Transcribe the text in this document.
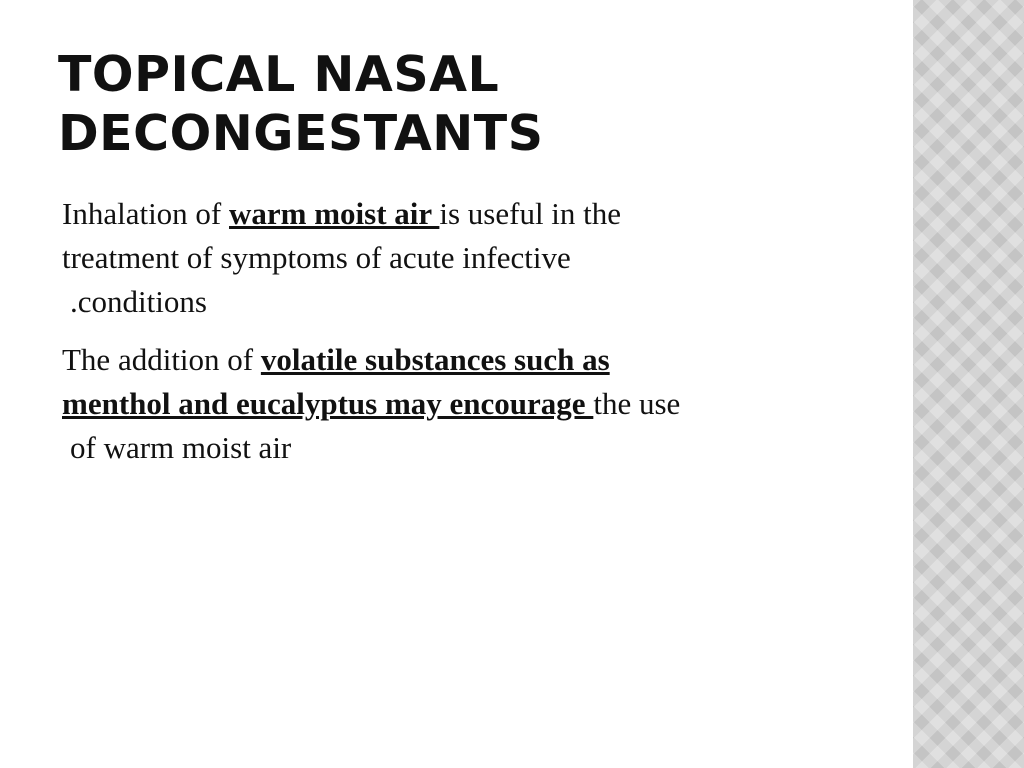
TOPICAL NASAL
DECONGESTANTS

Inhalation of warm moist air is useful in the
treatment of symptoms of acute infective
.conditions

The addition of volatile substances such as
menthol and eucalyptus may encourage the use
of warm moist air
